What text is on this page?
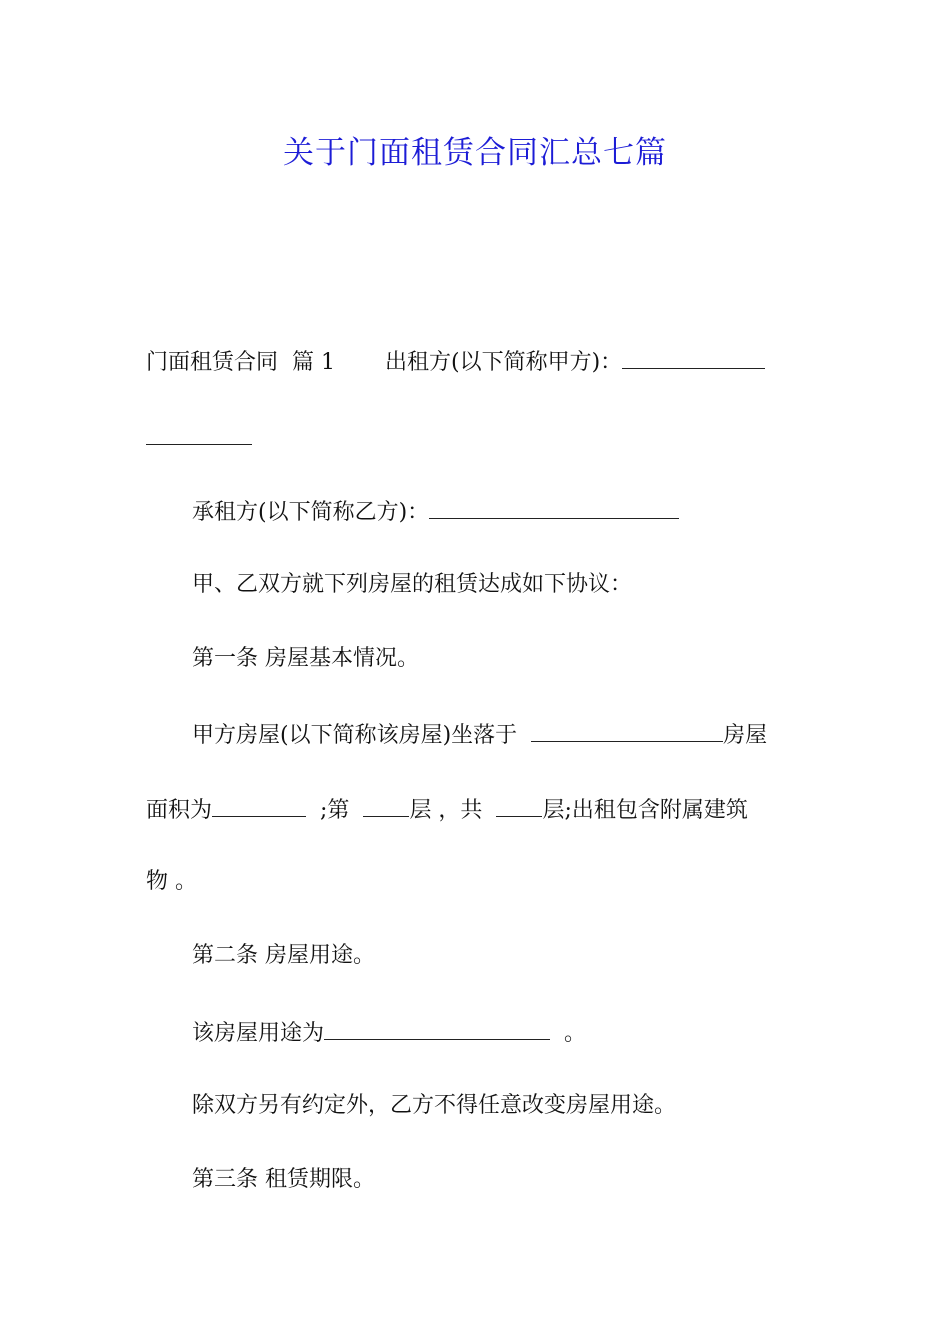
关于门面租赁合同汇总七篇
门面租赁合同 篇 1 出租方(以下简称甲方)：
承租方(以下简称乙方)：
甲、乙双方就下列房屋的租赁达成如下协议：
第一条 房屋基本情况。
甲方房屋(以下简称该房屋)坐落于	房屋
面积为	;第	层 ，共	层;出租包含附属建筑
物 。
第二条 房屋用途。
该房屋用途为	。
除双方另有约定外，乙方不得任意改变房屋用途。
第三条 租赁期限。
